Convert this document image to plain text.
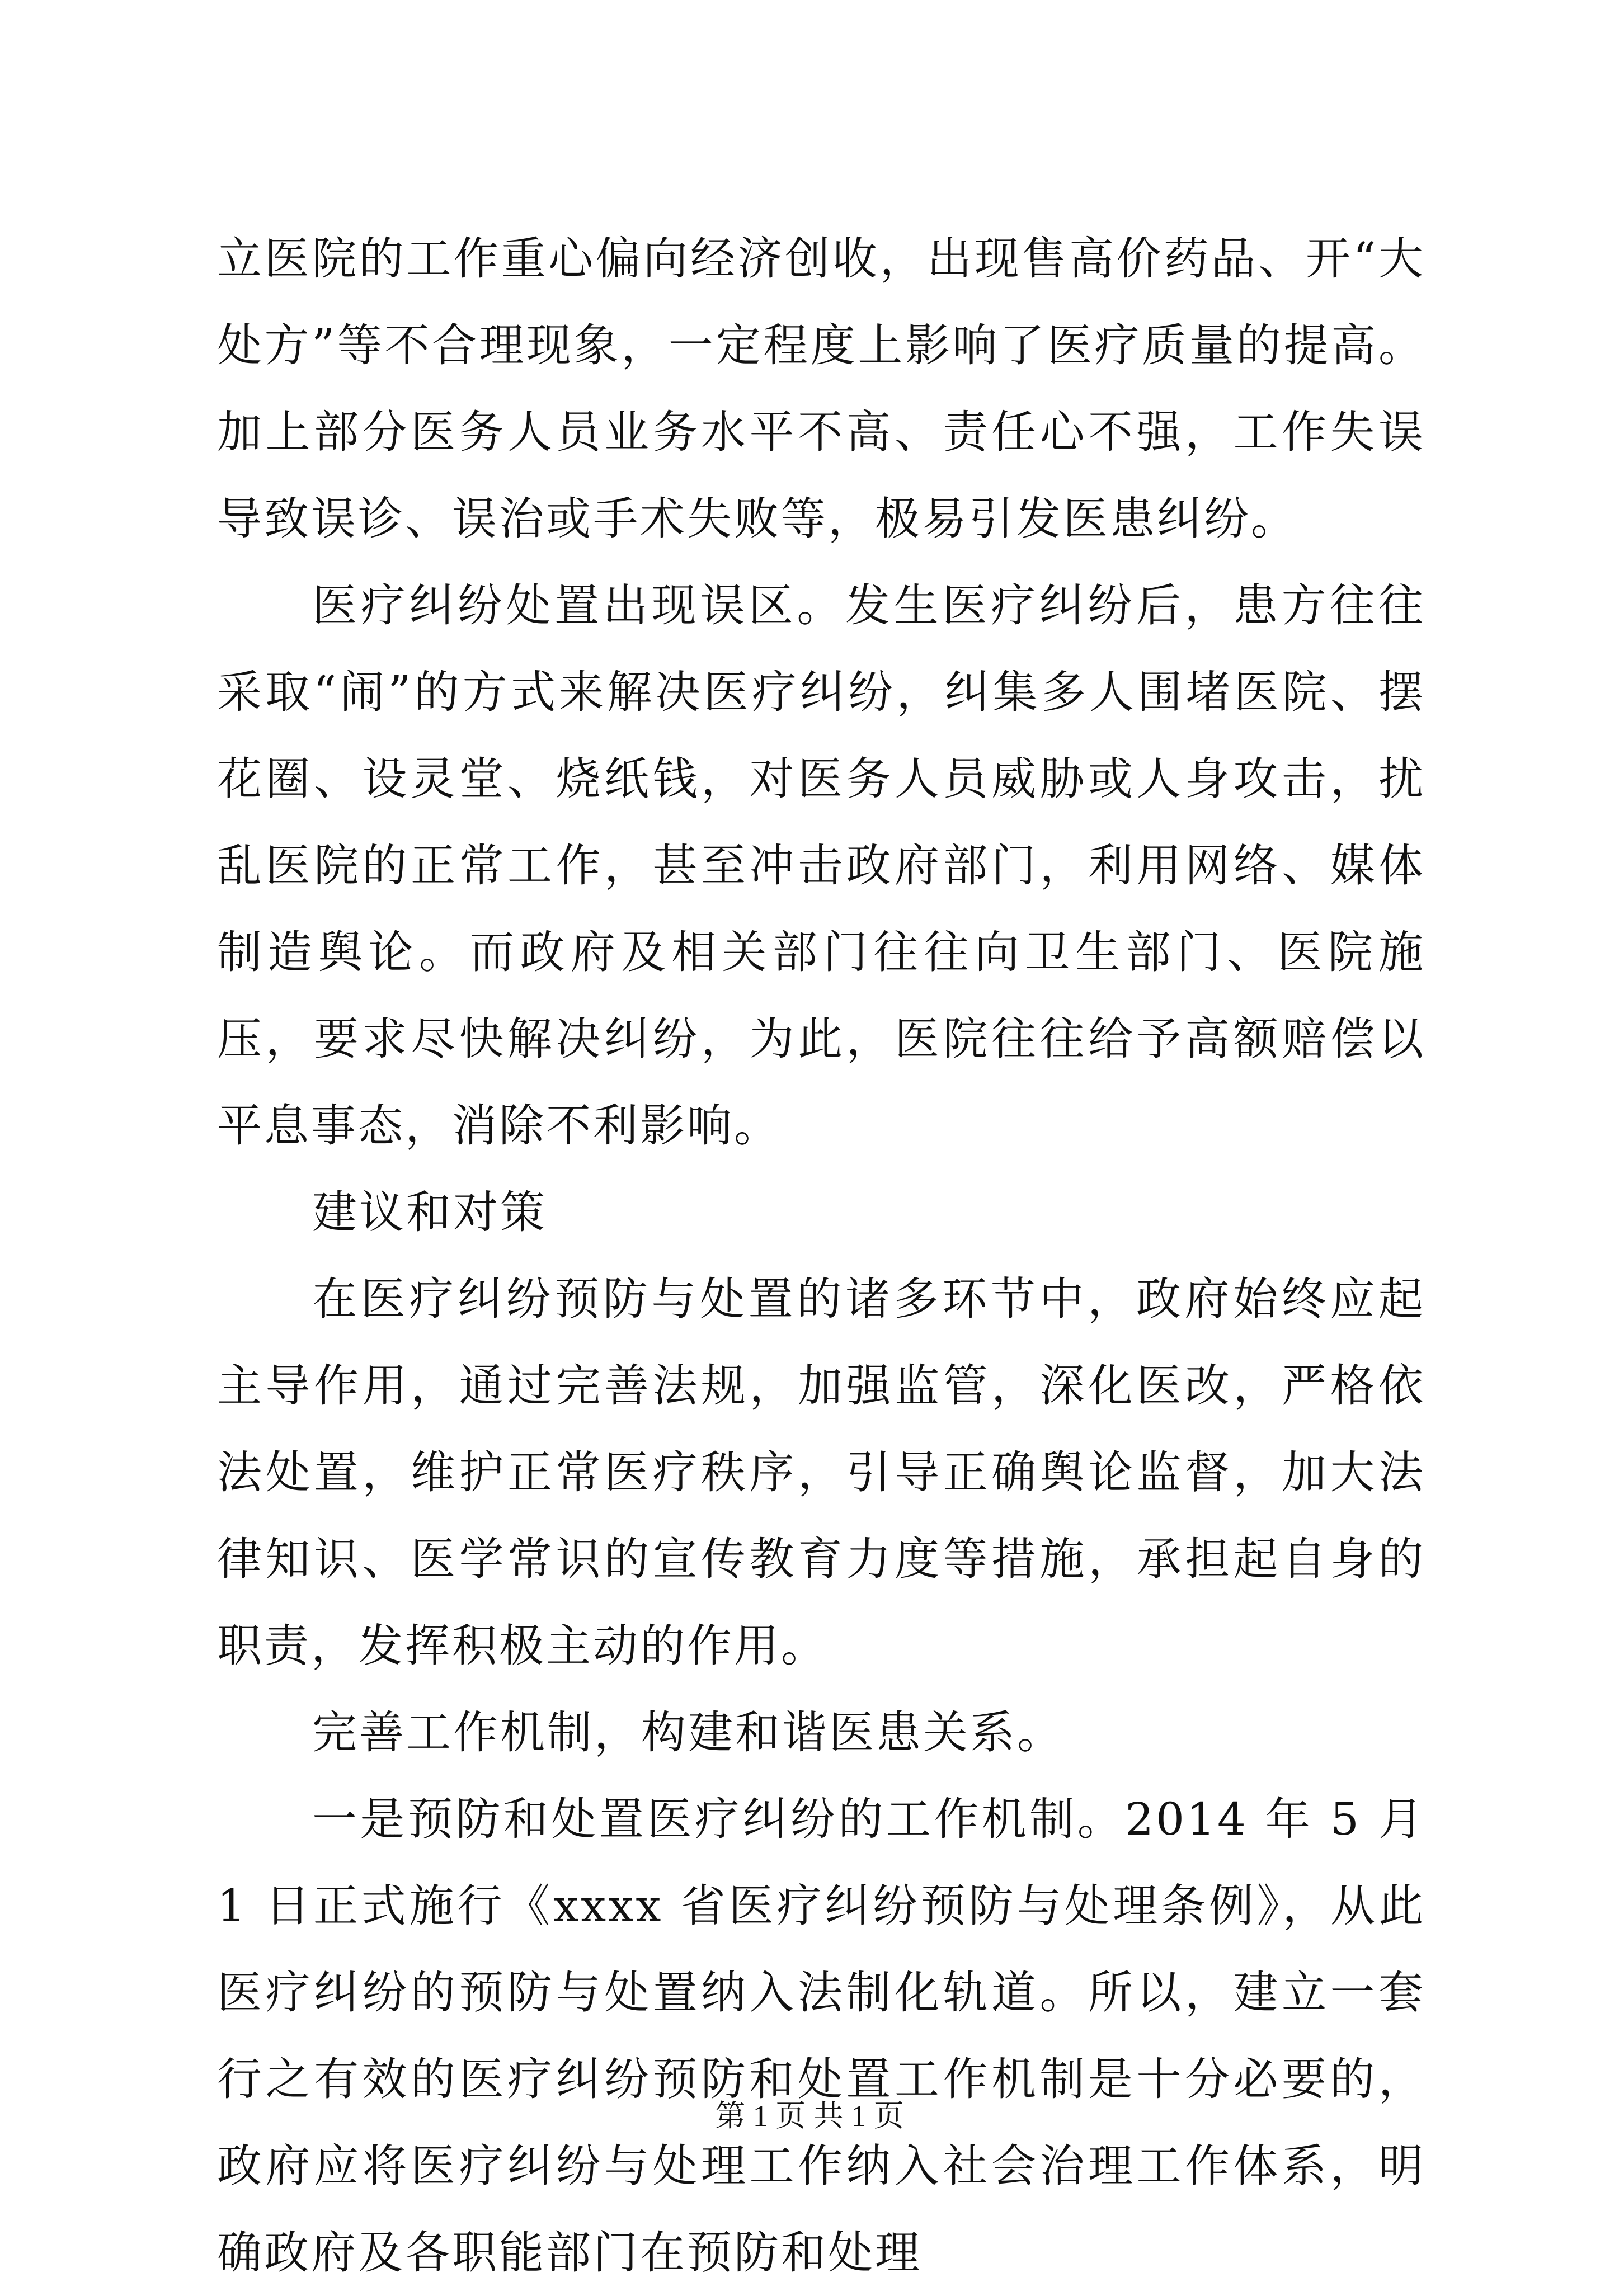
立医院的工作重心偏向经济创收，出现售高价药品、开“大处方”等不合理现象，一定程度上影响了医疗质量的提高。加上部分医务人员业务水平不高、责任心不强，工作失误导致误诊、误治或手术失败等，极易引发医患纠纷。

医疗纠纷处置出现误区。发生医疗纠纷后，患方往往采取“闹”的方式来解决医疗纠纷，纠集多人围堵医院、摆花圈、设灵堂、烧纸钱，对医务人员威胁或人身攻击，扰乱医院的正常工作，甚至冲击政府部门，利用网络、媒体制造舆论。而政府及相关部门往往向卫生部门、医院施压，要求尽快解决纠纷，为此，医院往往给予高额赔偿以平息事态，消除不利影响。

建议和对策

在医疗纠纷预防与处置的诸多环节中，政府始终应起主导作用，通过完善法规，加强监管，深化医改，严格依法处置，维护正常医疗秩序，引导正确舆论监督，加大法律知识、医学常识的宣传教育力度等措施，承担起自身的职责，发挥积极主动的作用。

完善工作机制，构建和谐医患关系。

一是预防和处置医疗纠纷的工作机制。2014 年 5 月 1 日正式施行《xxxx 省医疗纠纷预防与处理条例》，从此医疗纠纷的预防与处置纳入法制化轨道。所以，建立一套行之有效的医疗纠纷预防和处置工作机制是十分必要的，政府应将医疗纠纷与处理工作纳入社会治理工作体系，明确政府及各职能部门在预防和处理

第 1 页 共 1 页
